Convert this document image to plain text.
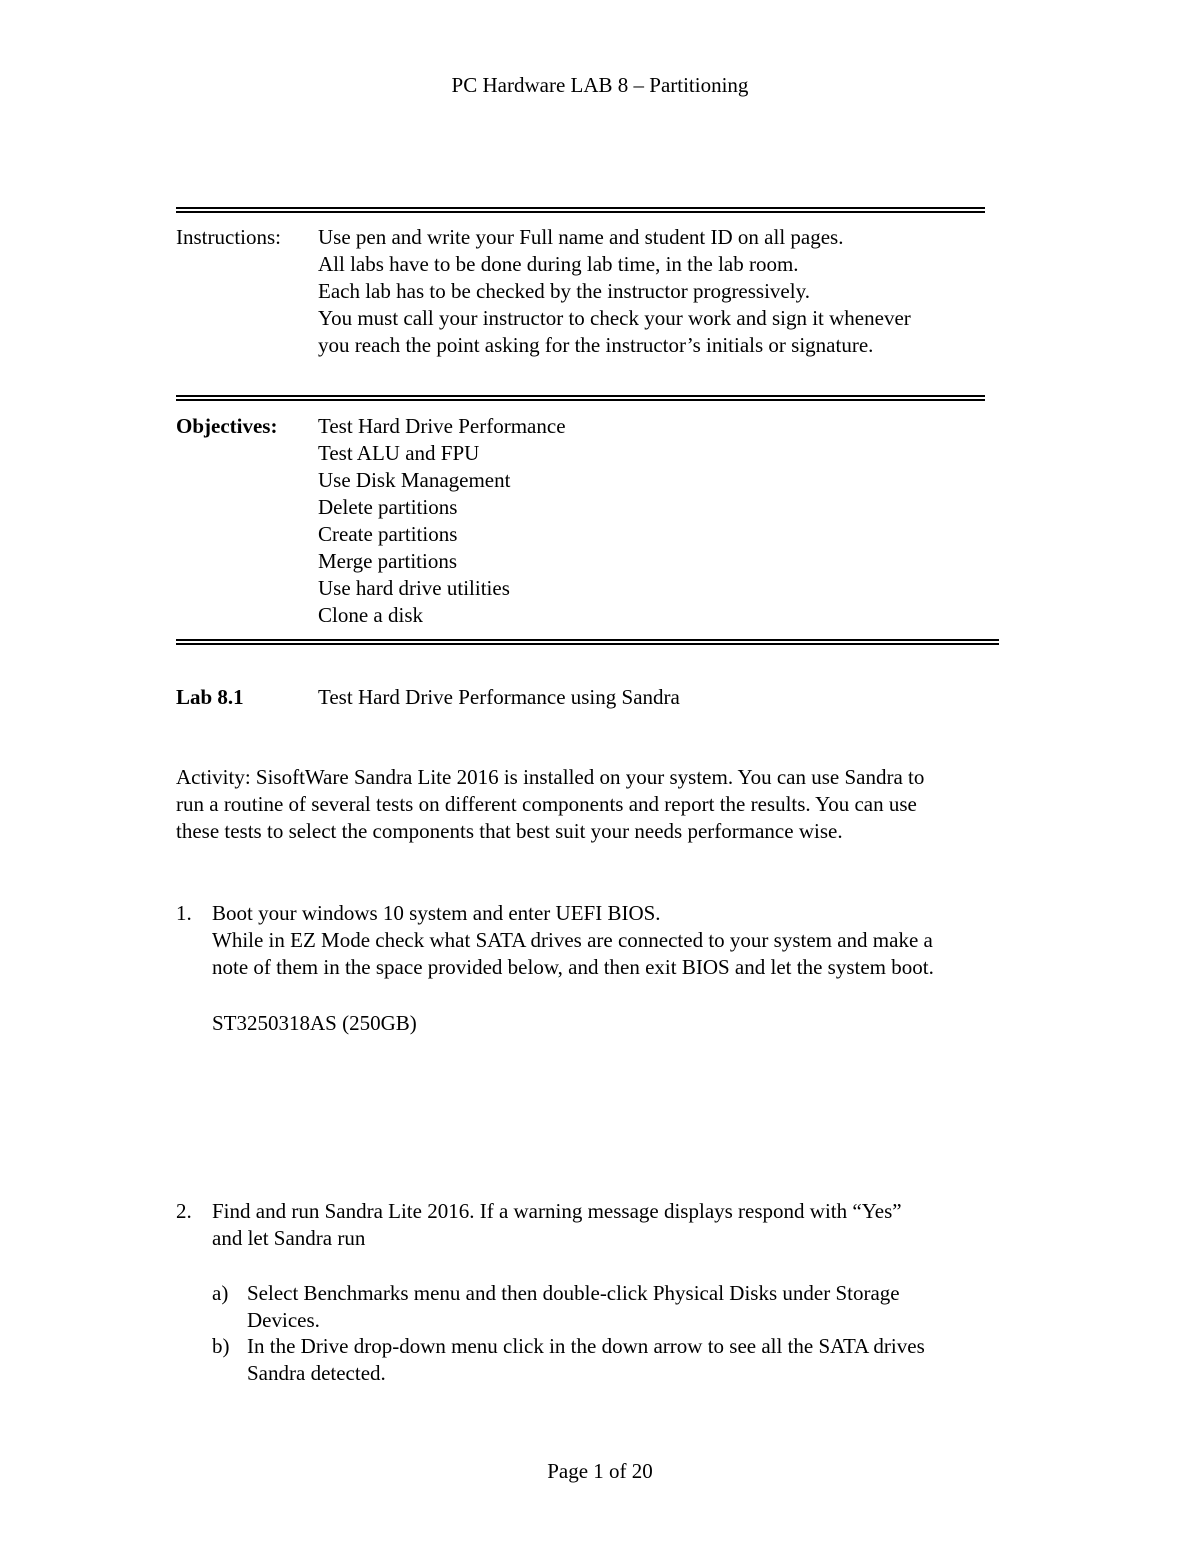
PC Hardware LAB 8 – Partitioning
Instructions: Use pen and write your Full name and student ID on all pages.
All labs have to be done during lab time, in the lab room.
Each lab has to be checked by the instructor progressively.
You must call your instructor to check your work and sign it whenever
you reach the point asking for the instructor’s initials or signature.
Objectives: Test Hard Drive Performance
Test ALU and FPU
Use Disk Management
Delete partitions
Create partitions
Merge partitions
Use hard drive utilities
Clone a disk
Lab 8.1	Test Hard Drive Performance using Sandra
Activity: SisoftWare Sandra Lite 2016 is installed on your system. You can use Sandra to
run a routine of several tests on different components and report the results. You can use
these tests to select the components that best suit your needs performance wise.
1. Boot your windows 10 system and enter UEFI BIOS.
While in EZ Mode check what SATA drives are connected to your system and make a
note of them in the space provided below, and then exit BIOS and let the system boot.
ST3250318AS (250GB)
2. Find and run Sandra Lite 2016. If a warning message displays respond with “Yes”
and let Sandra run
a) Select Benchmarks menu and then double-click Physical Disks under Storage
Devices.
b) In the Drive drop-down menu click in the down arrow to see all the SATA drives
Sandra detected.
Page 1 of 20
